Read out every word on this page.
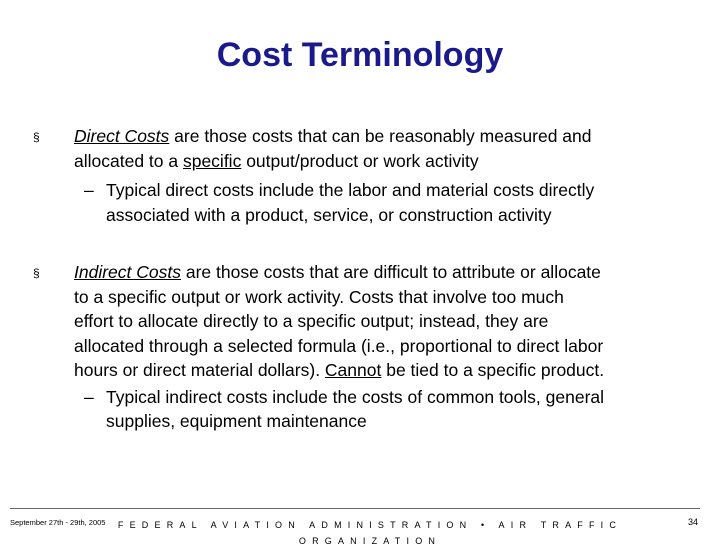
Cost Terminology
§ Direct Costs are those costs that can be reasonably measured and
allocated to a specific output/product or work activity
– Typical direct costs include the labor and material costs directly
associated with a product, service, or construction activity
§ Indirect Costs are those costs that are difficult to attribute or allocate
to a specific output or work activity. Costs that involve too much
effort to allocate directly to a specific output; instead, they are
allocated through a selected formula (i.e., proportional to direct labor
hours or direct material dollars). Cannot be tied to a specific product.
– Typical indirect costs include the costs of common tools, general
supplies, equipment maintenance
September 27th - 29th, 2005	FEDERAL AVIATION ADMINISTRATION • AIR TRAFFIC ORGANIZATION
34
